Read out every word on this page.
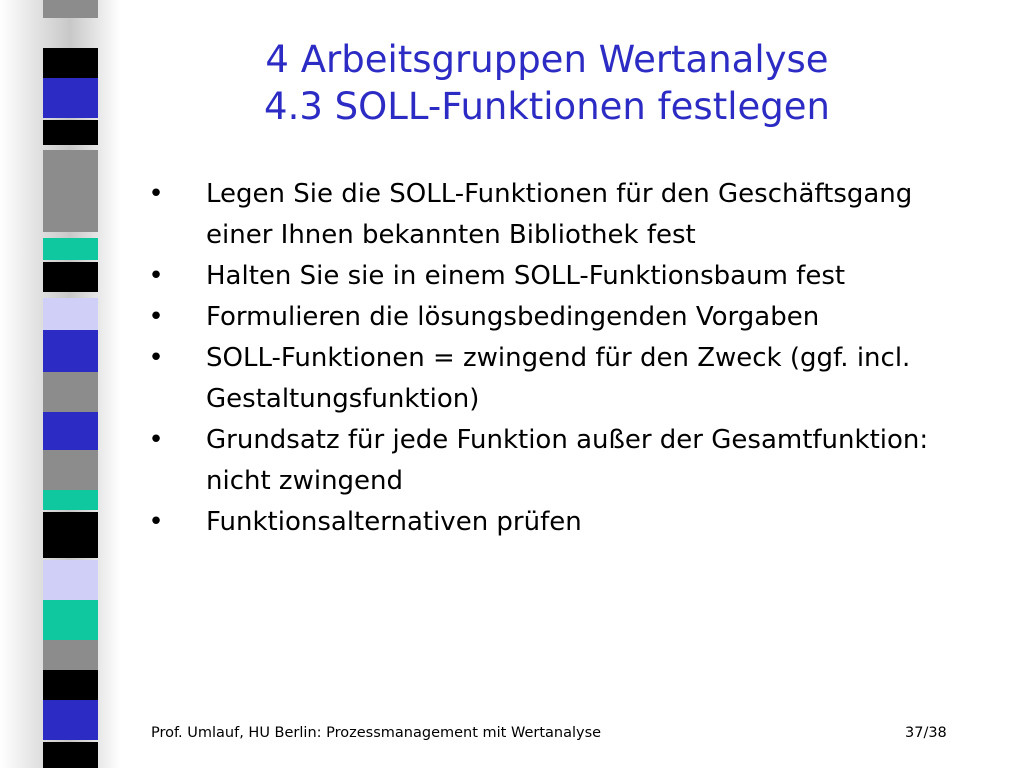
4 Arbeitsgruppen Wertanalyse
4.3 SOLL-Funktionen festlegen
• Legen Sie die SOLL-Funktionen für den Geschäftsgang einer Ihnen bekannten Bibliothek fest
• Halten Sie sie in einem SOLL-Funktionsbaum fest
• Formulieren die lösungsbedingenden Vorgaben
• SOLL-Funktionen = zwingend für den Zweck (ggf. incl. Gestaltungsfunktion)
• Grundsatz für jede Funktion außer der Gesamtfunktion: nicht zwingend
• Funktionsalternativen prüfen
Prof. Umlauf, HU Berlin: Prozessmanagement mit Wertanalyse	37/38
